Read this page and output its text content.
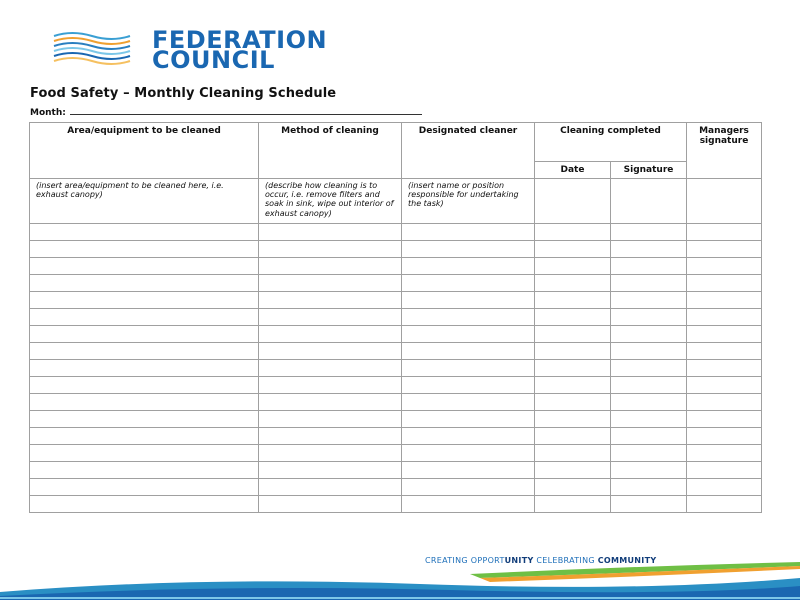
FEDERATION
COUNCIL
Food Safety – Monthly Cleaning Schedule
Month:
Area/equipment to be cleaned	Method of cleaning	Designated cleaner	Cleaning completed		Managers signature
			Date	Signature	
(insert area/equipment to be cleaned here, i.e. exhaust canopy)	(describe how cleaning is to occur, i.e. remove filters and soak in sink, wipe out interior of exhaust canopy)	(insert name or position responsible for undertaking the task)			

CREATING OPPORTUNITY CELEBRATING COMMUNITY
